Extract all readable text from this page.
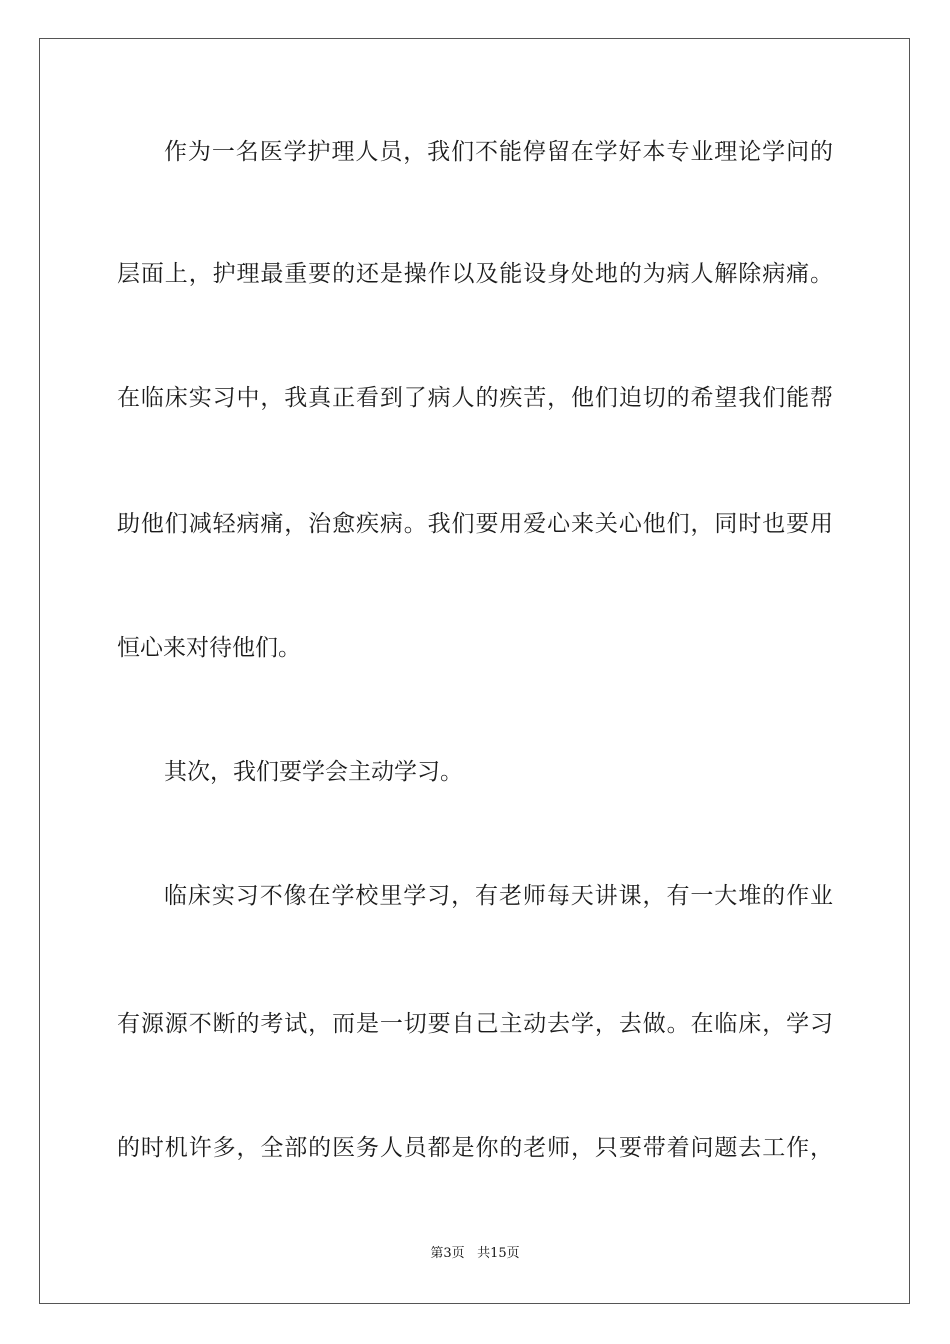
作为一名医学护理人员，我们不能停留在学好本专业理论学问的
层面上，护理最重要的还是操作以及能设身处地的为病人解除病痛。
在临床实习中，我真正看到了病人的疾苦，他们迫切的希望我们能帮
助他们减轻病痛，治愈疾病。我们要用爱心来关心他们，同时也要用
恒心来对待他们。
其次，我们要学会主动学习。
临床实习不像在学校里学习，有老师每天讲课，有一大堆的作业
有源源不断的考试，而是一切要自己主动去学，去做。在临床，学习
的时机许多，全部的医务人员都是你的老师，只要带着问题去工作，
第3页 共15页
